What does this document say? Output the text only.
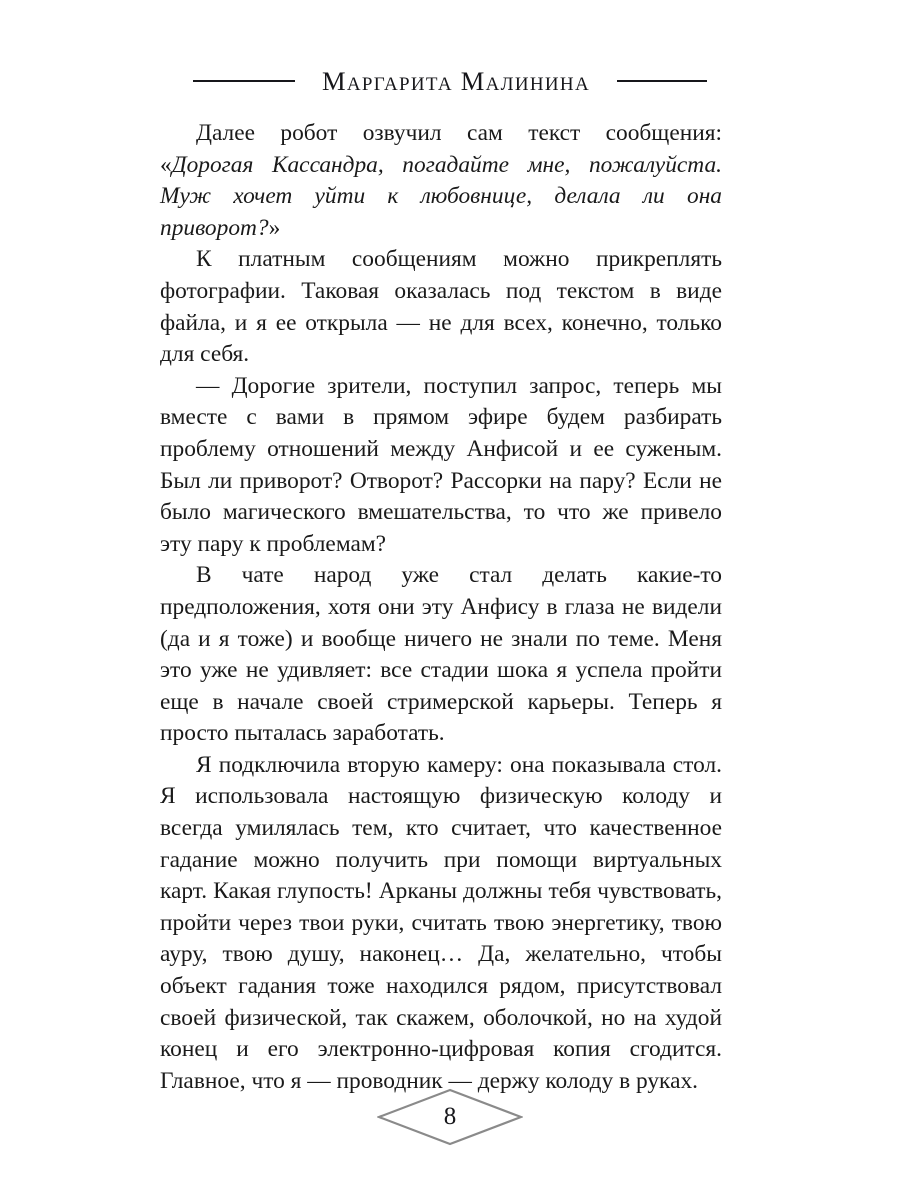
Маргарита Малинина

Далее робот озвучил сам текст сообщения: «Дорогая Кассандра, погадайте мне, пожалуйста. Муж хочет уйти к любовнице, делала ли она приворот?»

К платным сообщениям можно прикреплять фотографии. Таковая оказалась под текстом в виде файла, и я ее открыла — не для всех, конечно, только для себя.

— Дорогие зрители, поступил запрос, теперь мы вместе с вами в прямом эфире будем разбирать проблему отношений между Анфисой и ее суженым. Был ли приворот? Отворот? Рассорки на пару? Если не было магического вмешательства, то что же привело эту пару к проблемам?

В чате народ уже стал делать какие-то предположения, хотя они эту Анфису в глаза не видели (да и я тоже) и вообще ничего не знали по теме. Меня это уже не удивляет: все стадии шока я успела пройти еще в начале своей стримерской карьеры. Теперь я просто пыталась заработать.

Я подключила вторую камеру: она показывала стол. Я использовала настоящую физическую колоду и всегда умилялась тем, кто считает, что качественное гадание можно получить при помощи виртуальных карт. Какая глупость! Арканы должны тебя чувствовать, пройти через твои руки, считать твою энергетику, твою ауру, твою душу, наконец… Да, желательно, чтобы объект гадания тоже находился рядом, присутствовал своей физической, так скажем, оболочкой, но на худой конец и его электронно-цифровая копия сгодится. Главное, что я — проводник — держу колоду в руках.

8
